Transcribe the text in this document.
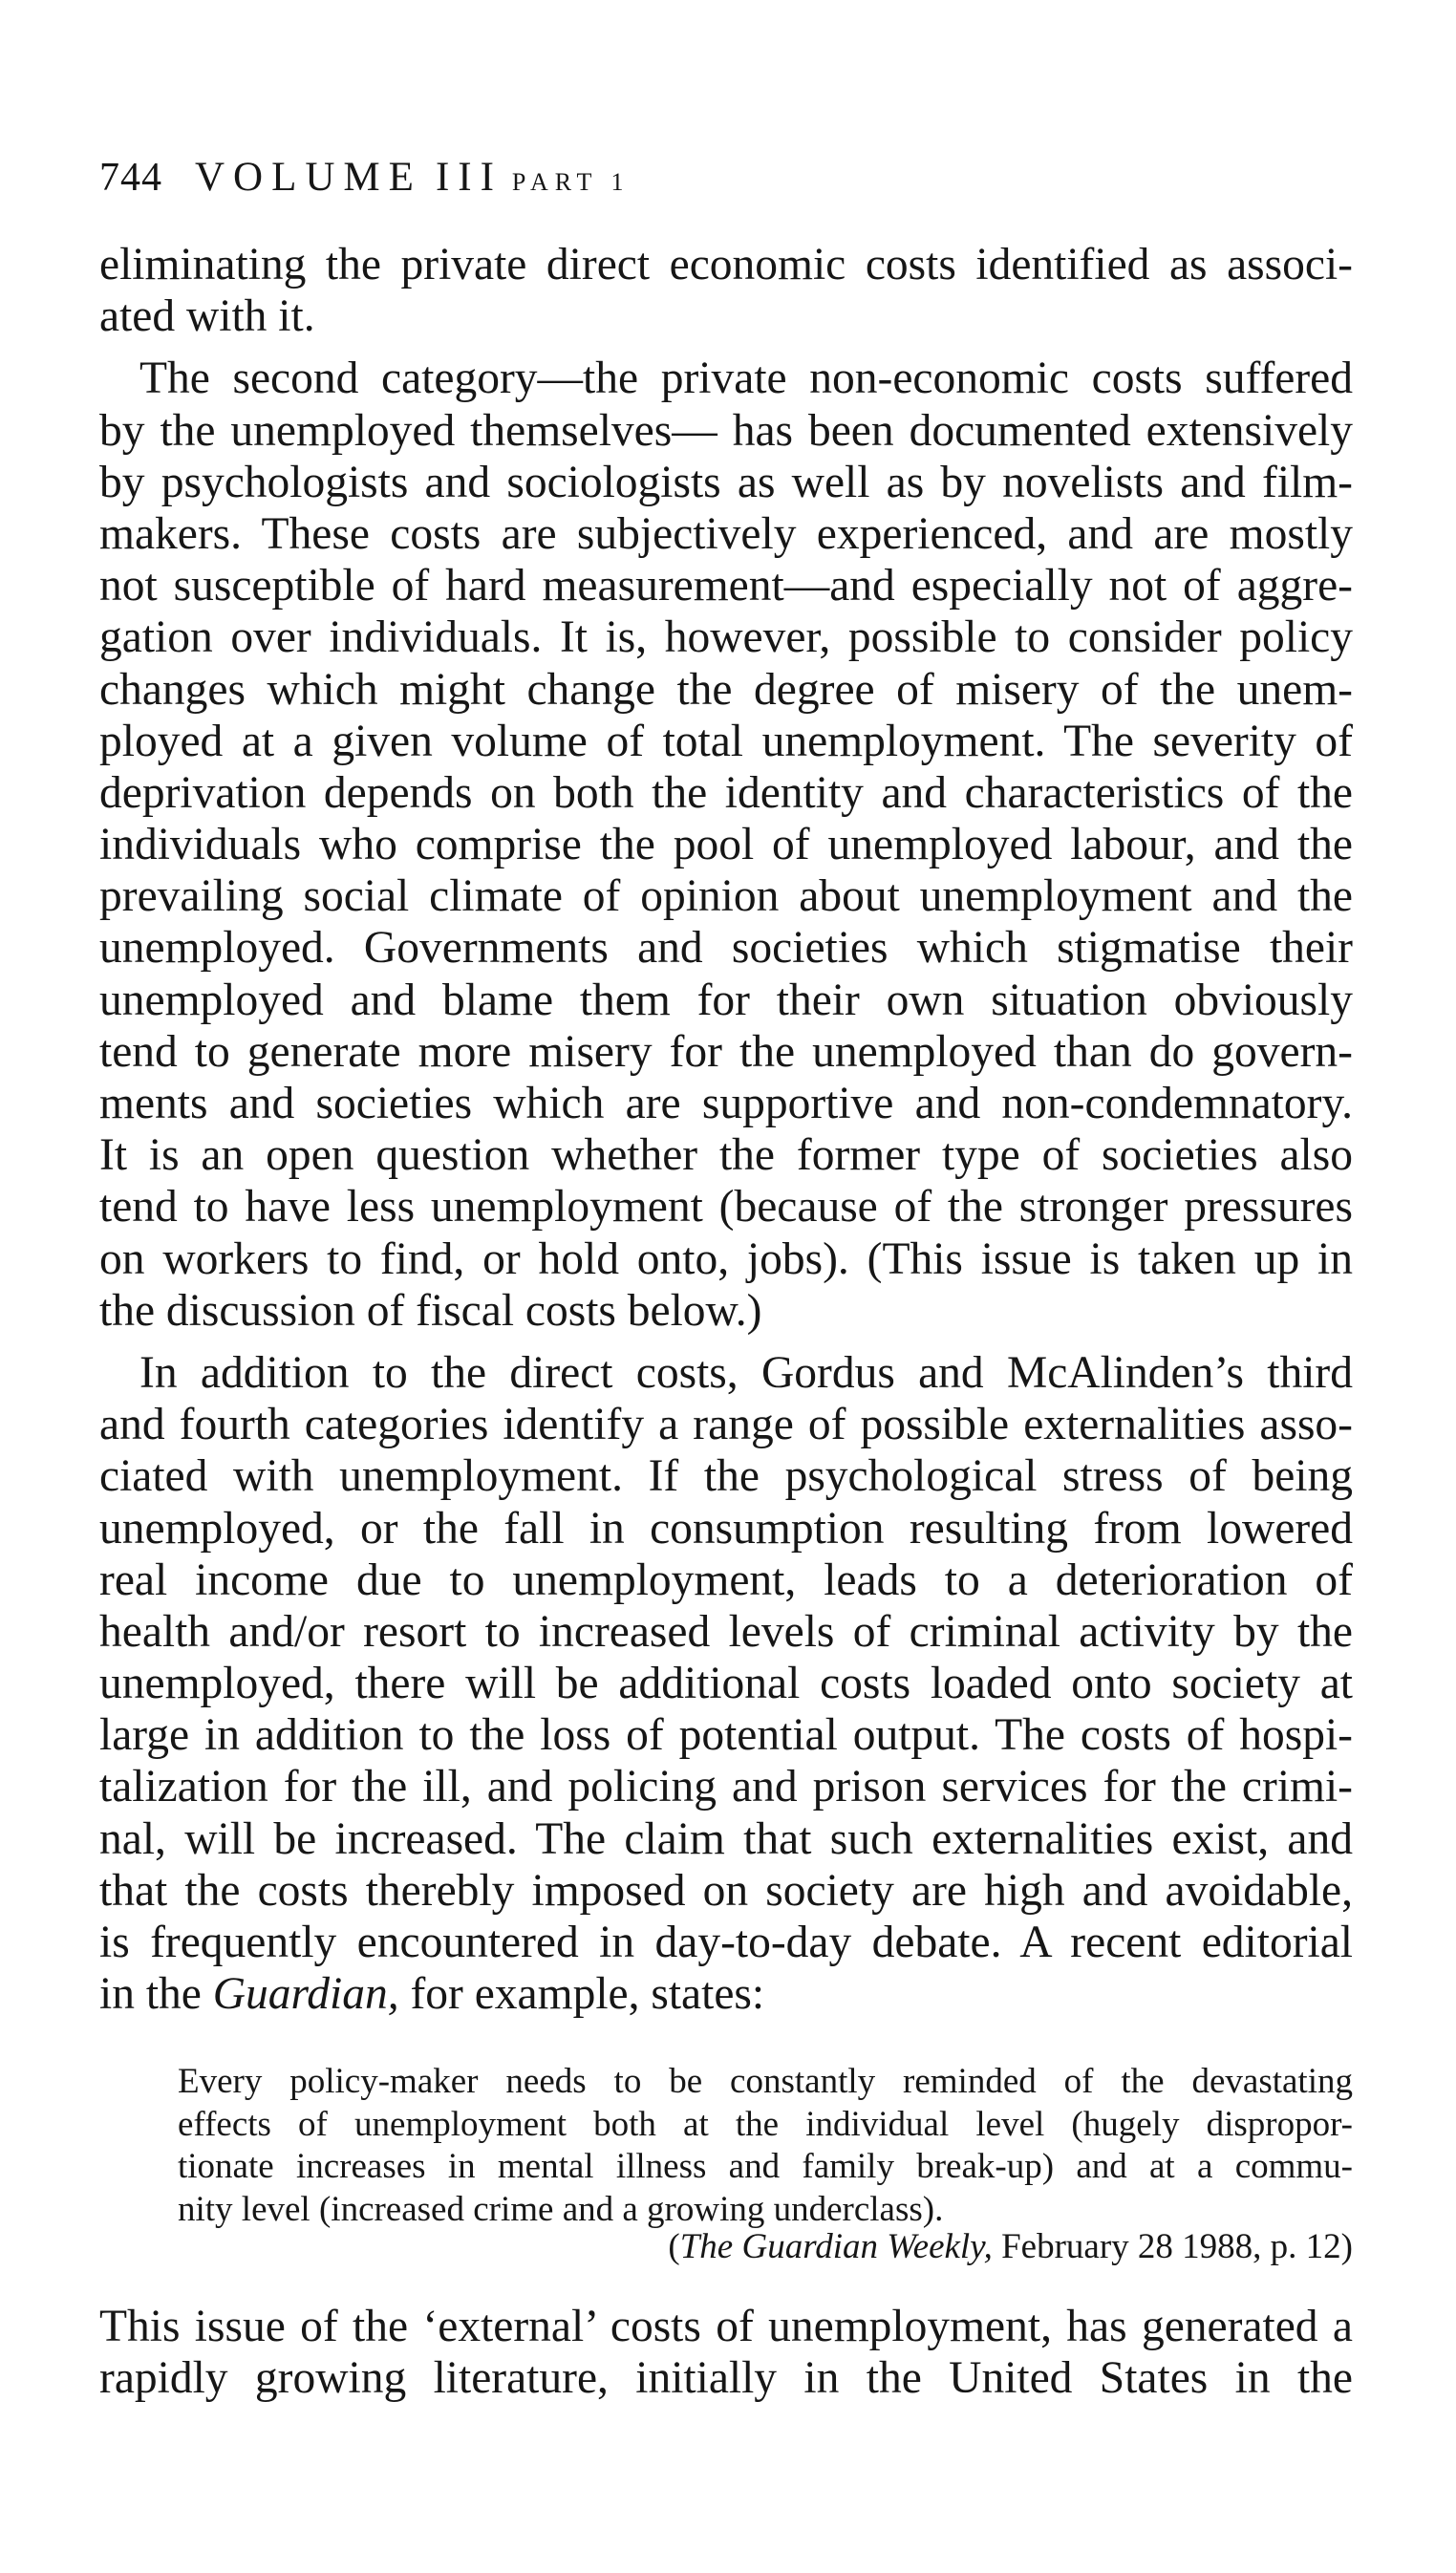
744 VOLUME III PART 1
eliminating the private direct economic costs identified as associ-
ated with it.
The second category—the private non-economic costs suffered
by the unemployed themselves— has been documented extensively
by psychologists and sociologists as well as by novelists and film-
makers. These costs are subjectively experienced, and are mostly
not susceptible of hard measurement—and especially not of aggre-
gation over individuals. It is, however, possible to consider policy
changes which might change the degree of misery of the unem-
ployed at a given volume of total unemployment. The severity of
deprivation depends on both the identity and characteristics of the
individuals who comprise the pool of unemployed labour, and the
prevailing social climate of opinion about unemployment and the
unemployed. Governments and societies which stigmatise their
unemployed and blame them for their own situation obviously
tend to generate more misery for the unemployed than do govern-
ments and societies which are supportive and non-condemnatory.
It is an open question whether the former type of societies also
tend to have less unemployment (because of the stronger pressures
on workers to find, or hold onto, jobs). (This issue is taken up in
the discussion of fiscal costs below.)
In addition to the direct costs, Gordus and McAlinden’s third
and fourth categories identify a range of possible externalities asso-
ciated with unemployment. If the psychological stress of being
unemployed, or the fall in consumption resulting from lowered
real income due to unemployment, leads to a deterioration of
health and/or resort to increased levels of criminal activity by the
unemployed, there will be additional costs loaded onto society at
large in addition to the loss of potential output. The costs of hospi-
talization for the ill, and policing and prison services for the crimi-
nal, will be increased. The claim that such externalities exist, and
that the costs therebly imposed on society are high and avoidable,
is frequently encountered in day-to-day debate. A recent editorial
in the Guardian, for example, states:
Every policy-maker needs to be constantly reminded of the devastating
effects of unemployment both at the individual level (hugely dispropor-
tionate increases in mental illness and family break-up) and at a commu-
nity level (increased crime and a growing underclass).
(The Guardian Weekly, February 28 1988, p. 12)
This issue of the ‘external’ costs of unemployment, has generated a
rapidly growing literature, initially in the United States in the
